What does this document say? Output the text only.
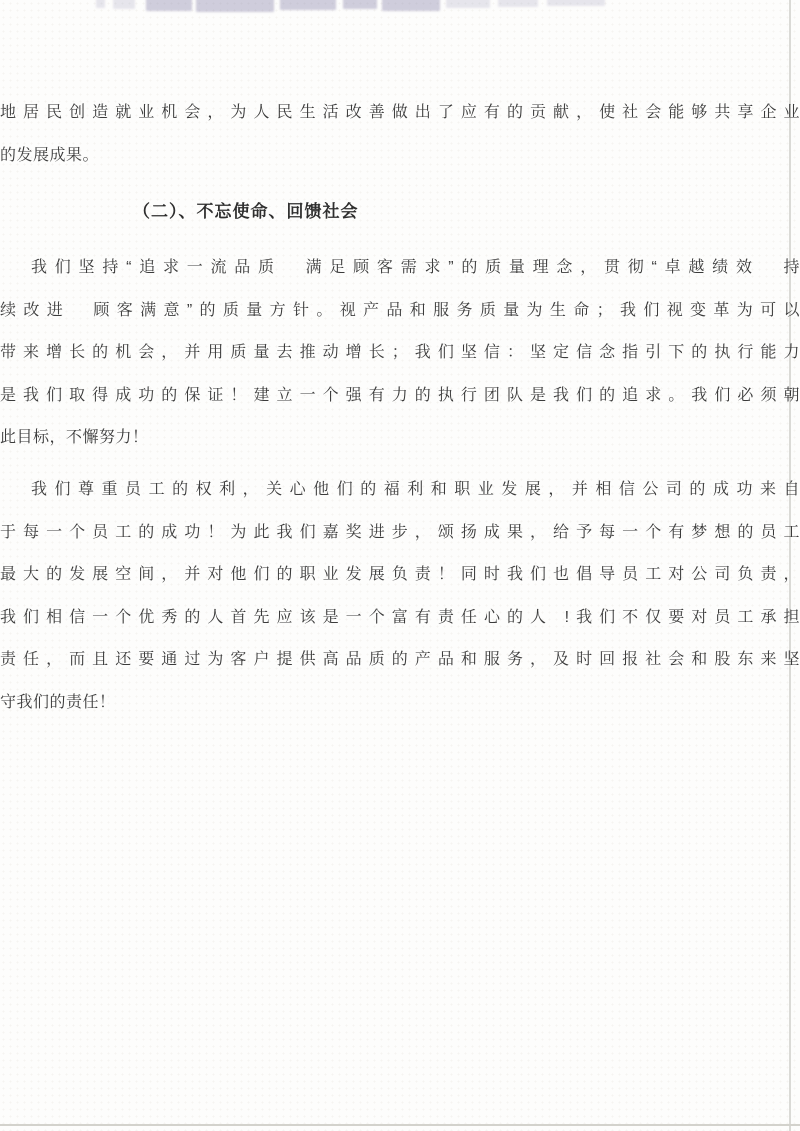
地居民创造就业机会，为人民生活改善做出了应有的贡献，使社会能够共享企业
的发展成果。
（二）、不忘使命、回馈社会
我们坚持“追求一流品质　满足顾客需求”的质量理念，贯彻“卓越绩效　持
续改进　顾客满意”的质量方针。视产品和服务质量为生命；我们视变革为可以
带来增长的机会，并用质量去推动增长；我们坚信：坚定信念指引下的执行能力
是我们取得成功的保证！建立一个强有力的执行团队是我们的追求。我们必须朝
此目标，不懈努力！
我们尊重员工的权利，关心他们的福利和职业发展，并相信公司的成功来自
于每一个员工的成功！为此我们嘉奖进步，颂扬成果，给予每一个有梦想的员工
最大的发展空间，并对他们的职业发展负责！同时我们也倡导员工对公司负责，
我们相信一个优秀的人首先应该是一个富有责任心的人 !我们不仅要对员工承担
责任，而且还要通过为客户提供高品质的产品和服务，及时回报社会和股东来坚
守我们的责任！
